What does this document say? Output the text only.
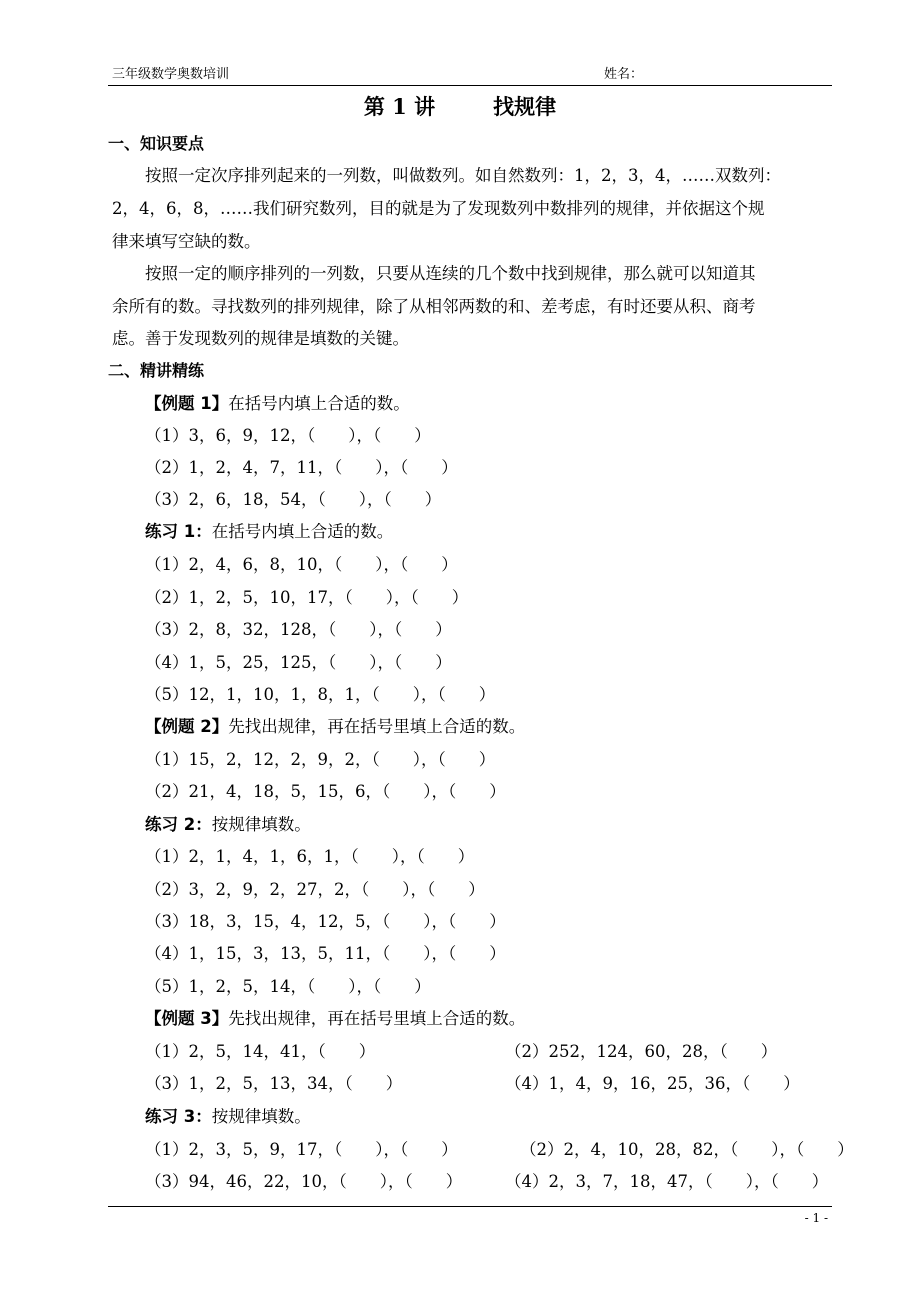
三年级数学奥数培训	姓名：
第 1 讲	找规律
一、知识要点
按照一定次序排列起来的一列数，叫做数列。如自然数列：1，2，3，4，……双数列：
2，4，6，8，……我们研究数列，目的就是为了发现数列中数排列的规律，并依据这个规
律来填写空缺的数。
按照一定的顺序排列的一列数，只要从连续的几个数中找到规律，那么就可以知道其
余所有的数。寻找数列的排列规律，除了从相邻两数的和、差考虑，有时还要从积、商考
虑。善于发现数列的规律是填数的关键。
二、精讲精练
【例题 1】在括号内填上合适的数。
（1）3，6，9，12，（　　），（　　）
（2）1，2，4，7，11，（　　），（　　）
（3）2，6，18，54，（　　），（　　）
练习 1：在括号内填上合适的数。
（1）2，4，6，8，10，（　　），（　　）
（2）1，2，5，10，17，（　　），（　　）
（3）2，8，32，128，（　　），（　　）
（4）1，5，25，125，（　　），（　　）
（5）12，1，10，1，8，1，（　　），（　　）
【例题 2】先找出规律，再在括号里填上合适的数。
（1）15，2，12，2，9，2，（　　），（　　）
（2）21，4，18，5，15，6，（　　），（　　）
练习 2：按规律填数。
（1）2，1，4，1，6，1，（　　），（　　）
（2）3，2，9，2，27，2，（　　），（　　）
（3）18，3，15，4，12，5，（　　），（　　）
（4）1，15，3，13，5，11，（　　），（　　）
（5）1，2，5，14，（　　），（　　）
【例题 3】先找出规律，再在括号里填上合适的数。
（1）2，5，14，41，（　　）	（2）252，124，60，28，（　　）
（3）1，2，5，13，34，（　　）	（4）1，4，9，16，25，36，（　　）
练习 3：按规律填数。
（1）2，3，5，9，17，（　　），（　　）	（2）2，4，10，28，82，（　　），（　　）
（3）94，46，22，10，（　　），（　　）	（4）2，3，7，18，47，（　　），（　　）
- 1 -
